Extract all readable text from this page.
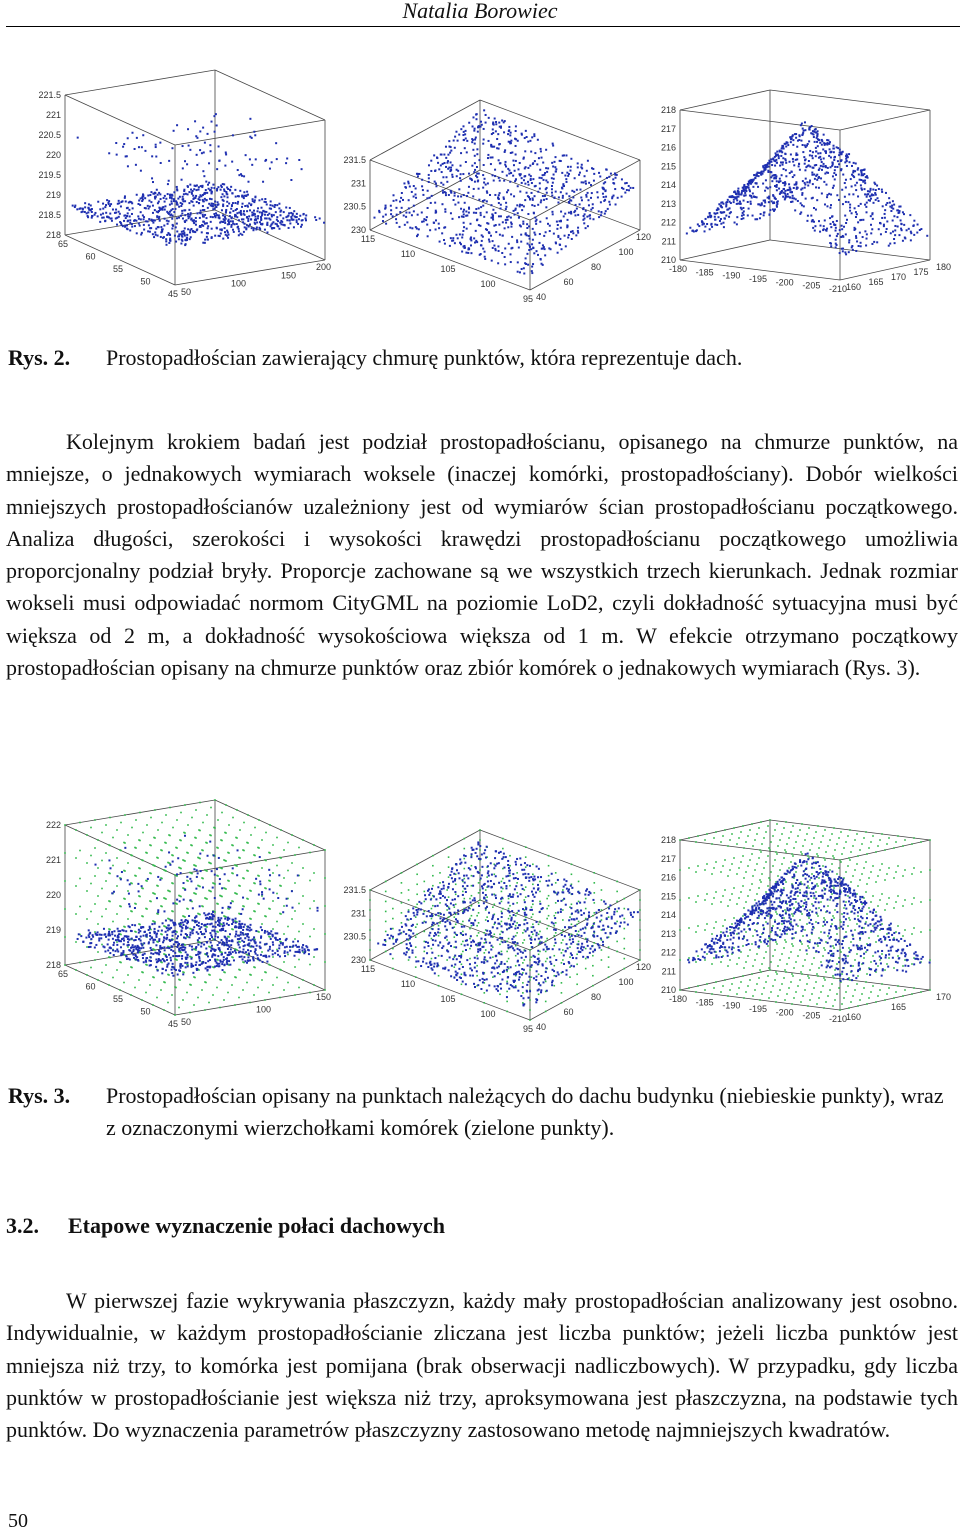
Natalia Borowiec
221.5
221
220.5
220
219.5
219
218.5
218
65
60
55
50
45 50
100
150
200
231.5
231
230.5
230
115
110
105
100
95 40
60
80
100
120
218
217
216
215
214
213
212
211
210
-180 -185 -190 -195 -200 -205 -210
160 165 170 175 180
Rys. 2. Prostopadłościan zawierający chmurę punktów, która reprezentuje dach.
Kolejnym krokiem badań jest podział prostopadłościanu, opisanego na chmurze punktów, na mniejsze, o jednakowych wymiarach woksele (inaczej komórki, prostopadłościany). Dobór wielkości mniejszych prostopadłościanów uzależniony jest od wymiarów ścian prostopadłościanu początkowego. Analiza długości, szerokości i wysokości krawędzi prostopadłościanu początkowego umożliwia proporcjonalny podział bryły. Proporcje zachowane są we wszystkich trzech kierunkach. Jednak rozmiar wokseli musi odpowiadać normom CityGML na poziomie LoD2, czyli dokładność sytuacyjna musi być większa od 2 m, a dokładność wysokościowa większa od 1 m. W efekcie otrzymano początkowy prostopadłościan opisany na chmurze punktów oraz zbiór komórek o jednakowych wymiarach (Rys. 3).
222
221
220
219
218
65
60
55
50
45 50
100
150
231.5
231
230.5
230
115
110
105
100
95 40
60
80
100
120
218
217
216
215
214
213
212
211
210
-180 -185 -190 -195 -200 -205 -210
160
165
170
Rys. 3. Prostopadłościan opisany na punktach należących do dachu budynku (niebieskie punkty), wraz z oznaczonymi wierzchołkami komórek (zielone punkty).
3.2. Etapowe wyznaczenie połaci dachowych
W pierwszej fazie wykrywania płaszczyzn, każdy mały prostopadłościan analizowany jest osobno. Indywidualnie, w każdym prostopadłościanie zliczana jest liczba punktów; jeżeli liczba punktów jest mniejsza niż trzy, to komórka jest pomijana (brak obserwacji nadliczbowych). W przypadku, gdy liczba punktów w prostopadłościanie jest większa niż trzy, aproksymowana jest płaszczyzna, na podstawie tych punktów. Do wyznaczenia parametrów płaszczyzny zastosowano metodę najmniejszych kwadratów.
50
